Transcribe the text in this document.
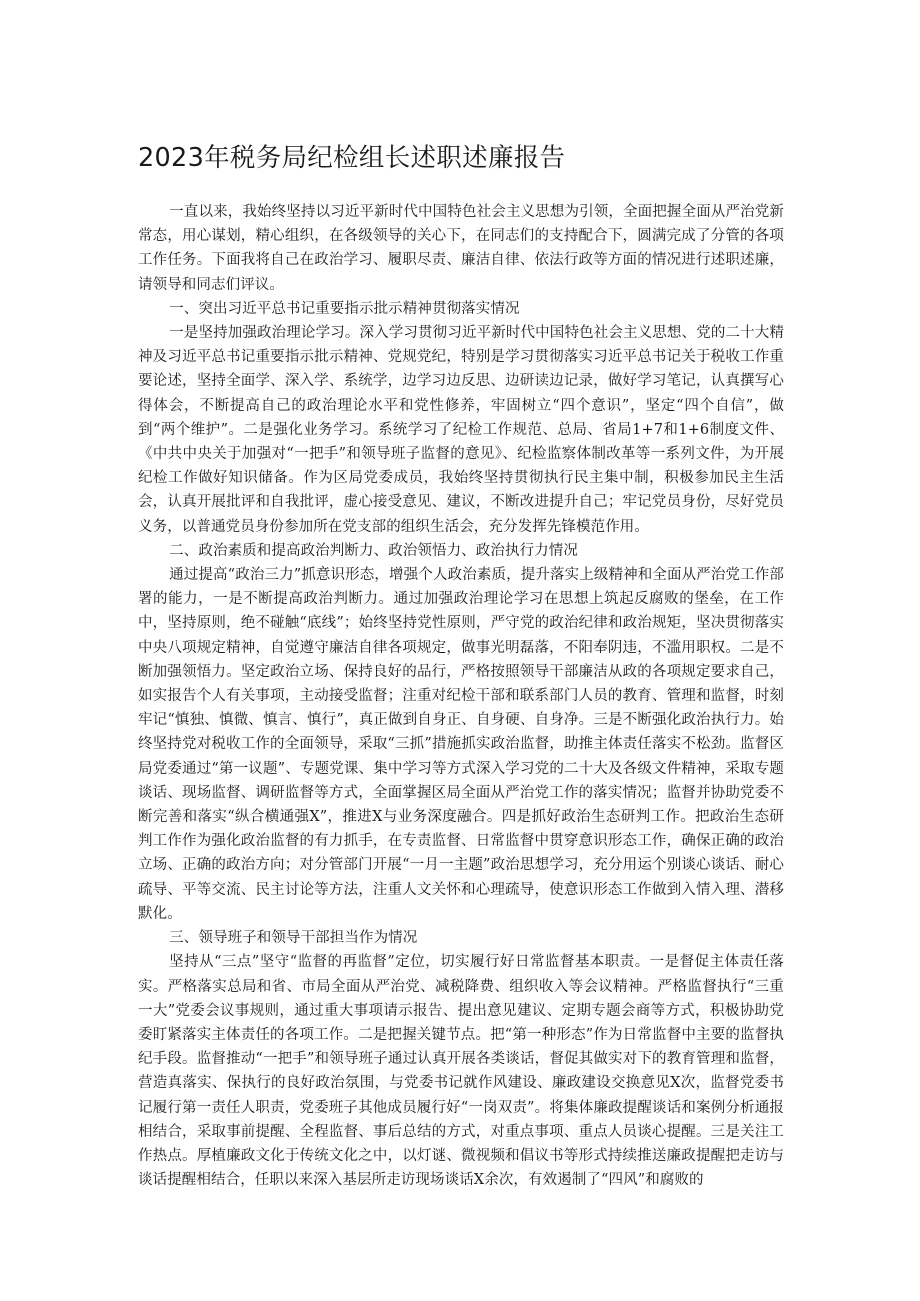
2023年税务局纪检组长述职述廉报告

一直以来，我始终坚持以习近平新时代中国特色社会主义思想为引领，全面把握全面从严治党新常态，用心谋划，精心组织，在各级领导的关心下，在同志们的支持配合下，圆满完成了分管的各项工作任务。下面我将自己在政治学习、履职尽责、廉洁自律、依法行政等方面的情况进行述职述廉，请领导和同志们评议。

一、突出习近平总书记重要指示批示精神贯彻落实情况

一是坚持加强政治理论学习。深入学习贯彻习近平新时代中国特色社会主义思想、党的二十大精神及习近平总书记重要指示批示精神、党规党纪，特别是学习贯彻落实习近平总书记关于税收工作重要论述，坚持全面学、深入学、系统学，边学习边反思、边研读边记录，做好学习笔记，认真撰写心得体会，不断提高自己的政治理论水平和党性修养，牢固树立“四个意识”，坚定“四个自信”，做到“两个维护”。二是强化业务学习。系统学习了纪检工作规范、总局、省局1+7和1+6制度文件、《中共中央关于加强对“一把手”和领导班子监督的意见》、纪检监察体制改革等一系列文件，为开展纪检工作做好知识储备。作为区局党委成员，我始终坚持贯彻执行民主集中制，积极参加民主生活会，认真开展批评和自我批评，虚心接受意见、建议，不断改进提升自己；牢记党员身份，尽好党员义务，以普通党员身份参加所在党支部的组织生活会，充分发挥先锋模范作用。

二、政治素质和提高政治判断力、政治领悟力、政治执行力情况

通过提高“政治三力”抓意识形态，增强个人政治素质，提升落实上级精神和全面从严治党工作部署的能力，一是不断提高政治判断力。通过加强政治理论学习在思想上筑起反腐败的堡垒，在工作中，坚持原则，绝不碰触“底线”；始终坚持党性原则，严守党的政治纪律和政治规矩，坚决贯彻落实中央八项规定精神，自觉遵守廉洁自律各项规定，做事光明磊落，不阳奉阴违，不滥用职权。二是不断加强领悟力。坚定政治立场、保持良好的品行，严格按照领导干部廉洁从政的各项规定要求自己，如实报告个人有关事项，主动接受监督；注重对纪检干部和联系部门人员的教育、管理和监督，时刻牢记“慎独、慎微、慎言、慎行”，真正做到自身正、自身硬、自身净。三是不断强化政治执行力。始终坚持党对税收工作的全面领导，采取“三抓”措施抓实政治监督，助推主体责任落实不松劲。监督区局党委通过“第一议题”、专题党课、集中学习等方式深入学习党的二十大及各级文件精神，采取专题谈话、现场监督、调研监督等方式，全面掌握区局全面从严治党工作的落实情况；监督并协助党委不断完善和落实“纵合横通强X”，推进X与业务深度融合。四是抓好政治生态研判工作。把政治生态研判工作作为强化政治监督的有力抓手，在专责监督、日常监督中贯穿意识形态工作，确保正确的政治立场、正确的政治方向；对分管部门开展“一月一主题”政治思想学习，充分用运个别谈心谈话、耐心疏导、平等交流、民主讨论等方法，注重人文关怀和心理疏导，使意识形态工作做到入情入理、潜移默化。

三、领导班子和领导干部担当作为情况

坚持从“三点”坚守“监督的再监督”定位，切实履行好日常监督基本职责。一是督促主体责任落实。严格落实总局和省、市局全面从严治党、减税降费、组织收入等会议精神。严格监督执行“三重一大”党委会议事规则，通过重大事项请示报告、提出意见建议、定期专题会商等方式，积极协助党委盯紧落实主体责任的各项工作。二是把握关键节点。把“第一种形态”作为日常监督中主要的监督执纪手段。监督推动“一把手”和领导班子通过认真开展各类谈话，督促其做实对下的教育管理和监督，营造真落实、保执行的良好政治氛围，与党委书记就作风建设、廉政建设交换意见X次，监督党委书记履行第一责任人职责，党委班子其他成员履行好“一岗双责”。将集体廉政提醒谈话和案例分析通报相结合，采取事前提醒、全程监督、事后总结的方式，对重点事项、重点人员谈心提醒。三是关注工作热点。厚植廉政文化于传统文化之中，以灯谜、微视频和倡议书等形式持续推送廉政提醒把走访与谈话提醒相结合，任职以来深入基层所走访现场谈话X余次，有效遏制了“四风”和腐败的
